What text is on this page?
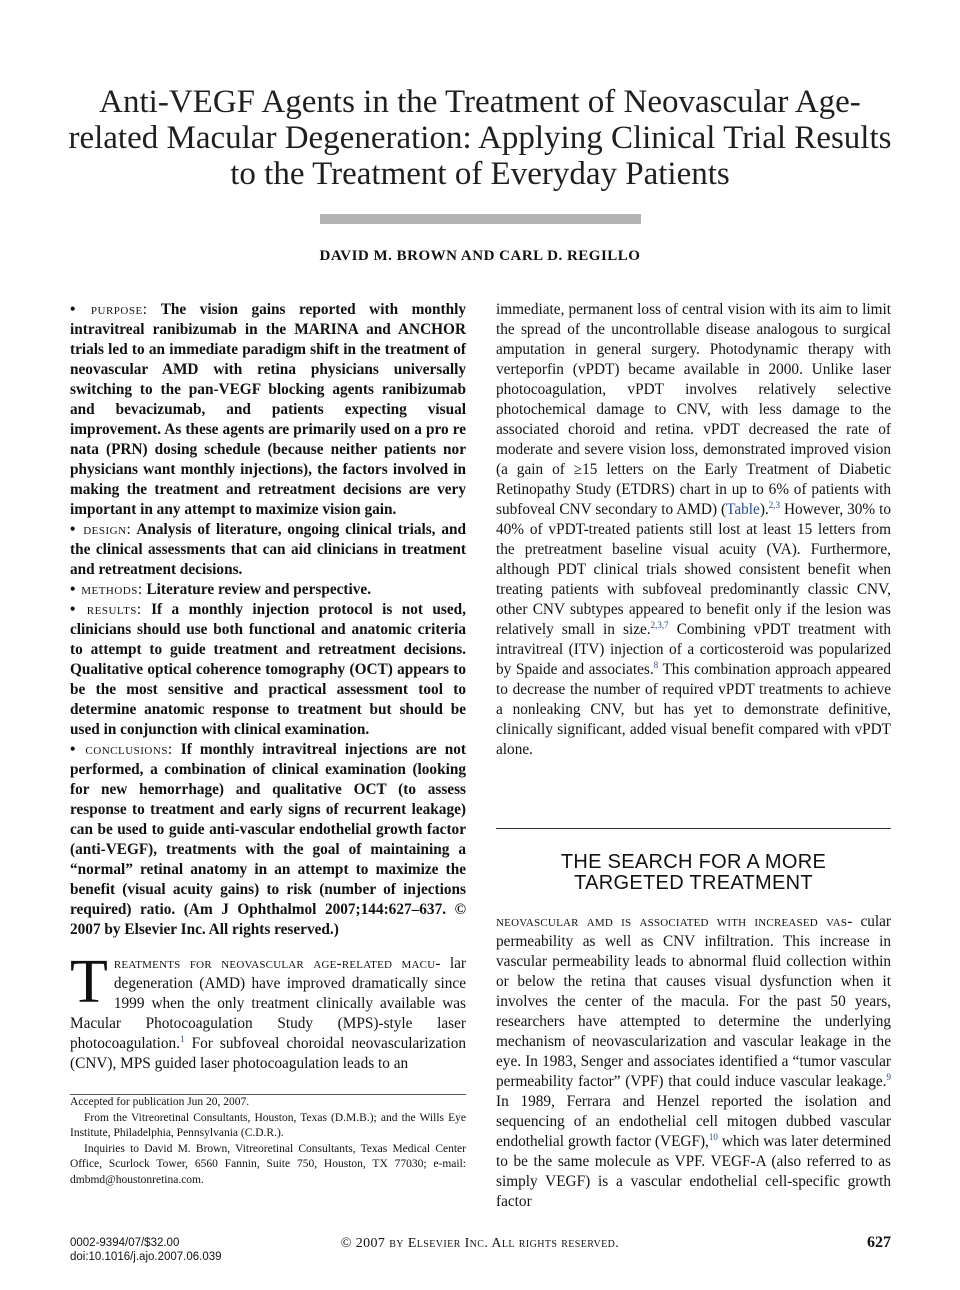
Anti-VEGF Agents in the Treatment of Neovascular Age-related Macular Degeneration: Applying Clinical Trial Results to the Treatment of Everyday Patients
DAVID M. BROWN AND CARL D. REGILLO

• purpose: The vision gains reported with monthly intravitreal ranibizumab in the MARINA and ANCHOR trials led to an immediate paradigm shift in the treatment of neovascular AMD with retina physicians universally switching to the pan-VEGF blocking agents ranibizumab and bevacizumab, and patients expecting visual improvement. As these agents are primarily used on a pro re nata (PRN) dosing schedule (because neither patients nor physicians want monthly injections), the factors involved in making the treatment and retreatment decisions are very important in any attempt to maximize vision gain.

• design: Analysis of literature, ongoing clinical trials, and the clinical assessments that can aid clinicians in treatment and retreatment decisions.

• methods: Literature review and perspective.

• results: If a monthly injection protocol is not used, clinicians should use both functional and anatomic criteria to attempt to guide treatment and retreatment decisions. Qualitative optical coherence tomography (OCT) appears to be the most sensitive and practical assessment tool to determine anatomic response to treatment but should be used in conjunction with clinical examination.

• conclusions: If monthly intravitreal injections are not performed, a combination of clinical examination (looking for new hemorrhage) and qualitative OCT (to assess response to treatment and early signs of recurrent leakage) can be used to guide anti-vascular endothelial growth factor (anti-VEGF), treatments with the goal of maintaining a “normal” retinal anatomy in an attempt to maximize the benefit (visual acuity gains) to risk (number of injections required) ratio. (Am J Ophthalmol 2007;144:627–637. © 2007 by Elsevier Inc. All rights reserved.)

Treatments for neovascular age-related macu- lar degeneration (AMD) have improved dramatically since 1999 when the only treatment clinically available was Macular Photocoagulation Study (MPS)-style laser photocoagulation.$^1$ For subfoveal choroidal neovascularization (CNV), MPS guided laser photocoagulation leads to an

Accepted for publication Jun 20, 2007.

From the Vitreoretinal Consultants, Houston, Texas (D.M.B.); and the Wills Eye Institute, Philadelphia, Pennsylvania (C.D.R.).

Inquiries to David M. Brown, Vitreoretinal Consultants, Texas Medical Center Office, Scurlock Tower, 6560 Fannin, Suite 750, Houston, TX 77030; e-mail: dmbmd@houstonretina.com.

immediate, permanent loss of central vision with its aim to limit the spread of the uncontrollable disease analogous to surgical amputation in general surgery. Photodynamic therapy with verteporfin (vPDT) became available in 2000. Unlike laser photocoagulation, vPDT involves relatively selective photochemical damage to CNV, with less damage to the associated choroid and retina. vPDT decreased the rate of moderate and severe vision loss, demonstrated improved vision (a gain of ≥15 letters on the Early Treatment of Diabetic Retinopathy Study (ETDRS) chart in up to 6% of patients with subfoveal CNV secondary to AMD) (Table).$^{2,3}$ However, 30% to 40% of vPDT-treated patients still lost at least 15 letters from the pretreatment baseline visual acuity (VA). Furthermore, although PDT clinical trials showed consistent benefit when treating patients with subfoveal predominantly classic CNV, other CNV subtypes appeared to benefit only if the lesion was relatively small in size.$^{2,3,7}$ Combining vPDT treatment with intravitreal (ITV) injection of a corticosteroid was popularized by Spaide and associates.$^8$ This combination approach appeared to decrease the number of required vPDT treatments to achieve a nonleaking CNV, but has yet to demonstrate definitive, clinically significant, added visual benefit compared with vPDT alone.
THE SEARCH FOR A MORE
TARGETED TREATMENT
neovascular amd is associated with increased vas- cular permeability as well as CNV infiltration. This increase in vascular permeability leads to abnormal fluid collection within or below the retina that causes visual dysfunction when it involves the center of the macula. For the past 50 years, researchers have attempted to determine the underlying mechanism of neovascularization and vascular leakage in the eye. In 1983, Senger and associates identified a “tumor vascular permeability factor” (VPF) that could induce vascular leakage.$^9$ In 1989, Ferrara and Henzel reported the isolation and sequencing of an endothelial cell mitogen dubbed vascular endothelial growth factor (VEGF),$^{10}$ which was later determined to be the same molecule as VPF. VEGF-A (also referred to as simply VEGF) is a vascular endothelial cell-specific growth factor
0002-9394/07/$32.00
doi:10.1016/j.ajo.2007.06.039
© 2007 by Elsevier Inc. All rights reserved.	627
